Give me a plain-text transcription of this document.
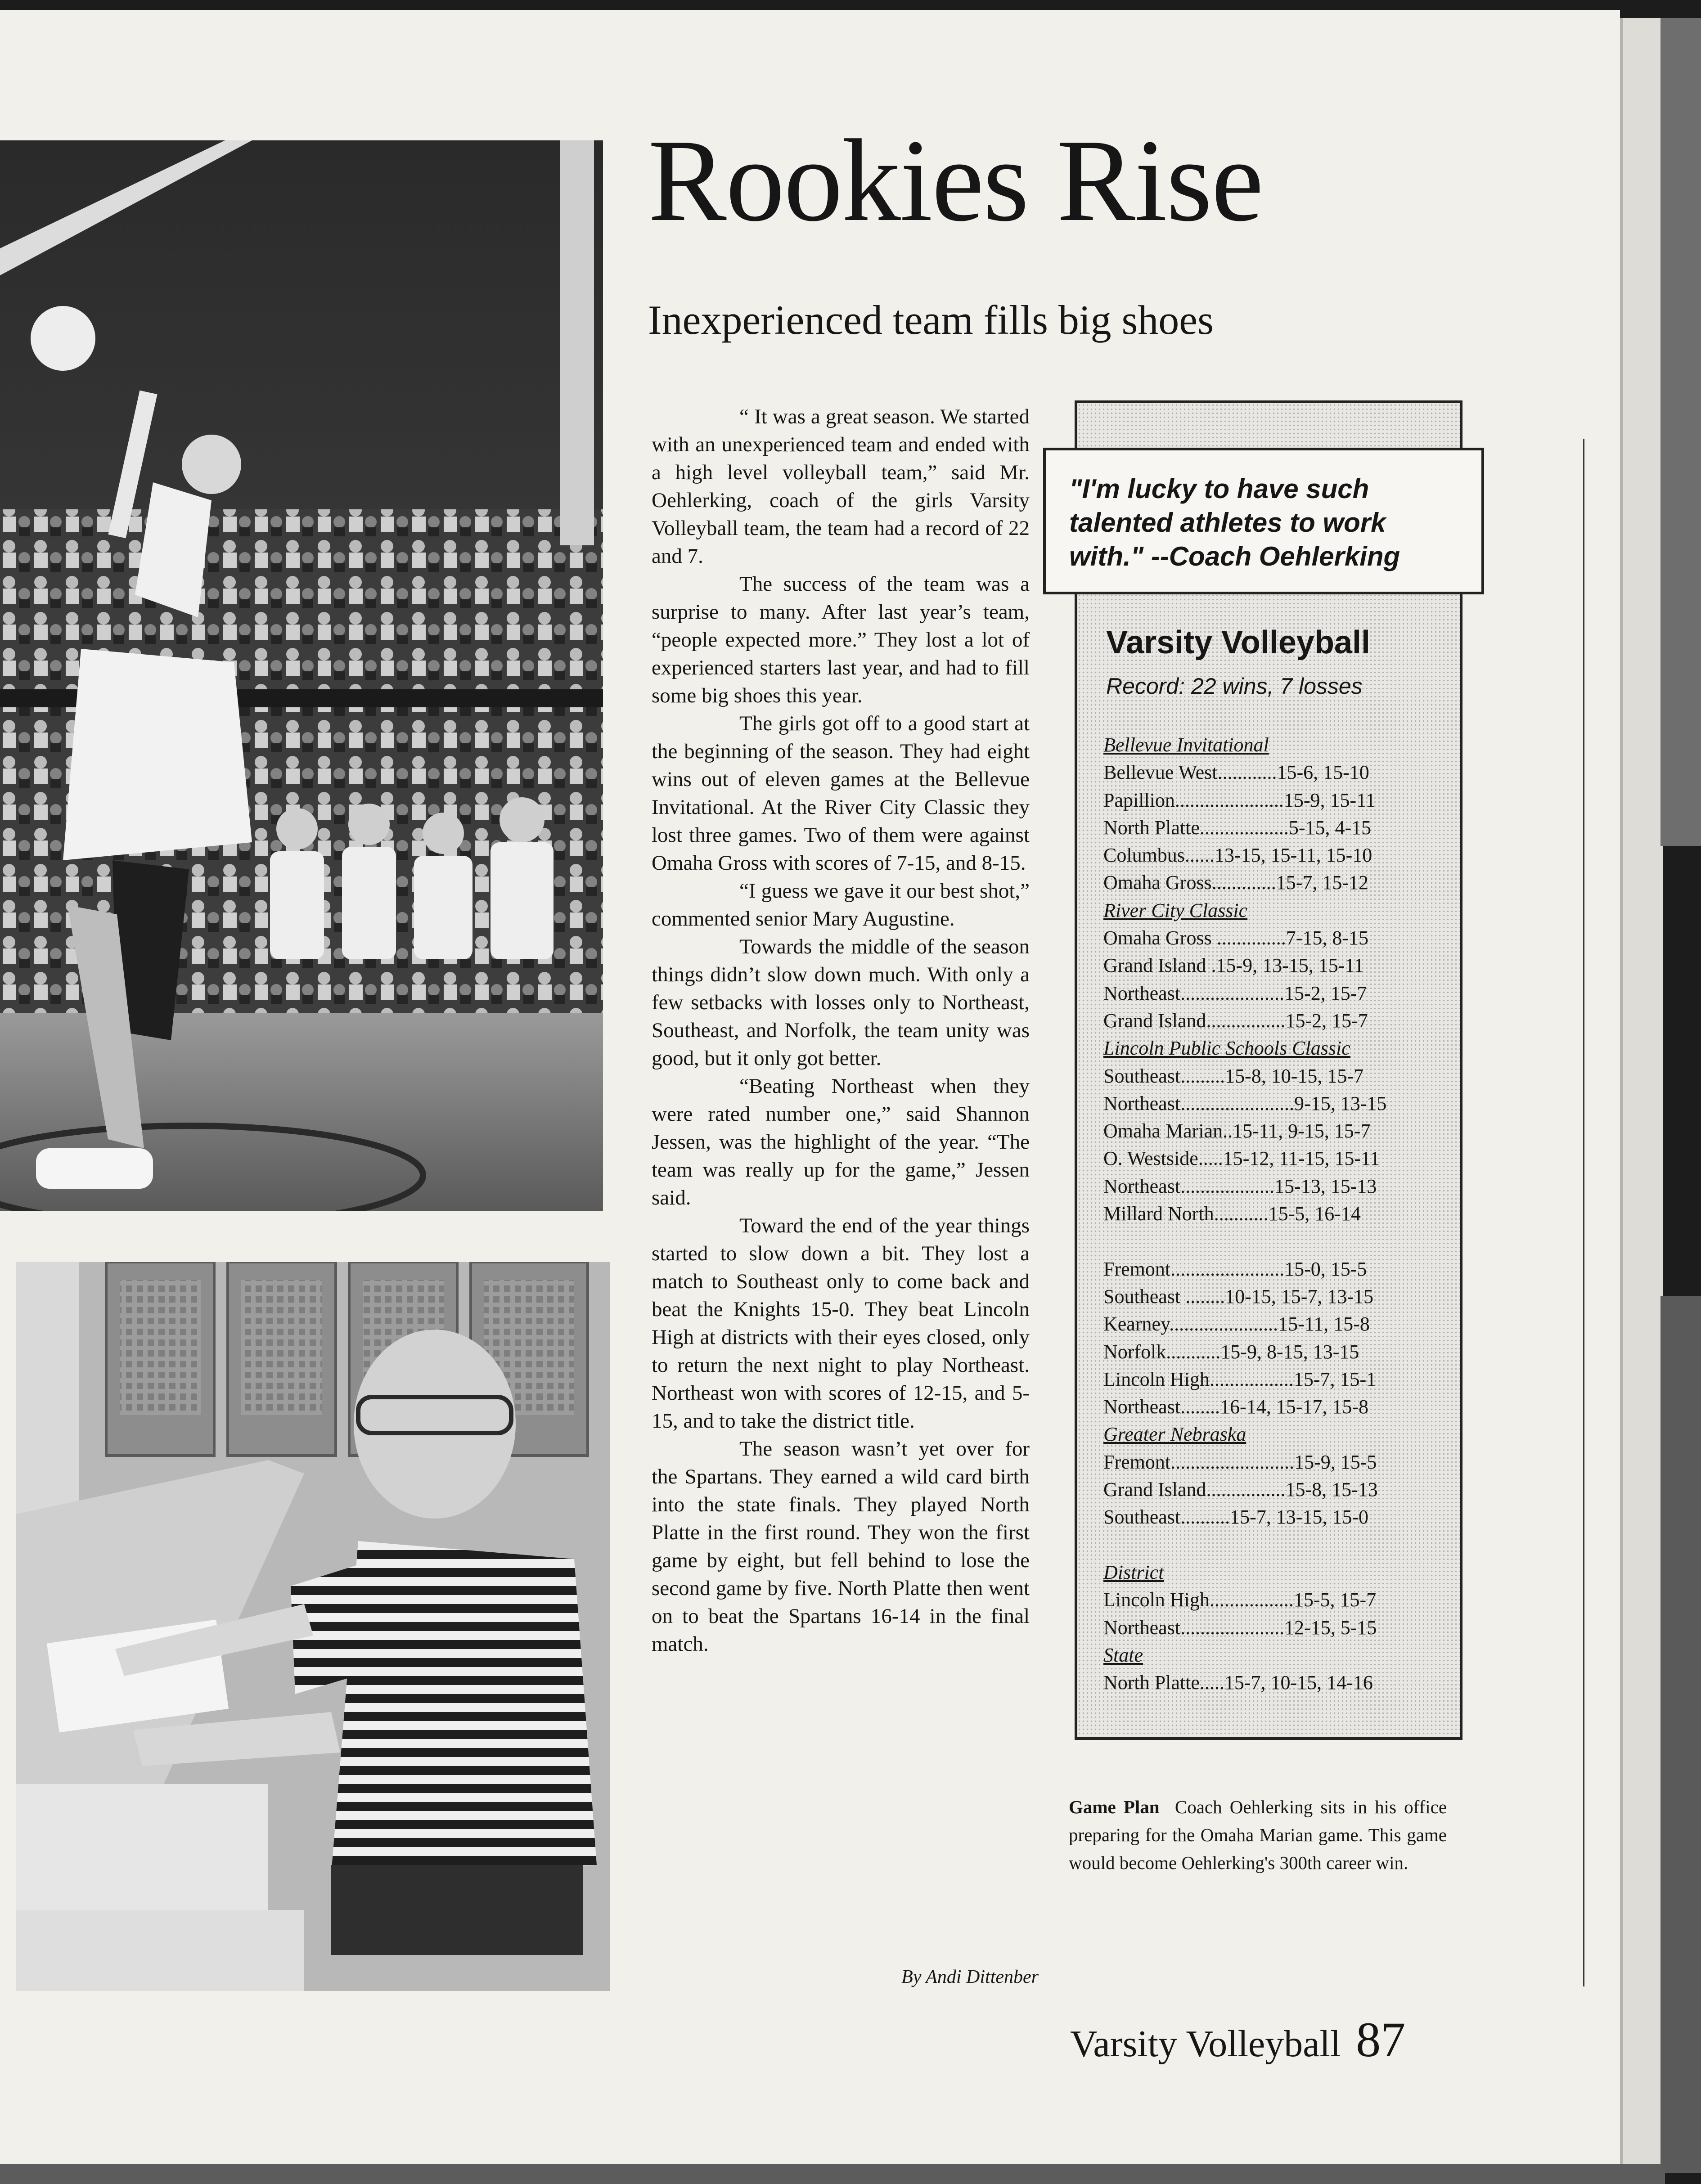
Rookies Rise
Inexperienced team fills big shoes

“ It was a great season. We started with an unexperienced team and ended with a high level volleyball team,” said Mr. Oehlerking, coach of the girls Varsity Volleyball team, the team had a record of 22 and 7.

The success of the team was a surprise to many. After last year’s team, “people expected more.” They lost a lot of experienced starters last year, and had to fill some big shoes this year.

The girls got off to a good start at the beginning of the season. They had eight wins out of eleven games at the Bellevue Invitational. At the River City Classic they lost three games. Two of them were against Omaha Gross with scores of 7-15, and 8-15.

“I guess we gave it our best shot,” commented senior Mary Augustine.

Towards the middle of the season things didn’t slow down much. With only a few setbacks with losses only to Northeast, Southeast, and Norfolk, the team unity was good, but it only got better.

“Beating Northeast when they were rated number one,” said Shannon Jessen, was the highlight of the year. “The team was really up for the game,” Jessen said.

Toward the end of the year things started to slow down a bit. They lost a match to Southeast only to come back and beat the Knights 15-0. They beat Lincoln High at districts with their eyes closed, only to return the next night to play Northeast. Northeast won with scores of 12-15, and 5-15, and to take the district title.

The season wasn’t yet over for the Spartans. They earned a wild card birth into the state finals. They played North Platte in the first round. They won the first game by eight, but fell behind to lose the second game by five. North Platte then went on to beat the Spartans 16-14 in the final match.

By Andi Dittenber
"I'm lucky to have such talented athletes to work with." --Coach Oehlerking
Varsity Volleyball
Record: 22 wins, 7 losses
Bellevue Invitational
Bellevue West............15-6, 15-10
Papillion......................15-9, 15-11
North Platte..................5-15, 4-15
Columbus......13-15, 15-11, 15-10
Omaha Gross.............15-7, 15-12
River City Classic
Omaha Gross ..............7-15, 8-15
Grand Island .15-9, 13-15, 15-11
Northeast.....................15-2, 15-7
Grand Island................15-2, 15-7
Lincoln Public Schools Classic
Southeast.........15-8, 10-15, 15-7
Northeast.......................9-15, 13-15
Omaha Marian..15-11, 9-15, 15-7
O. Westside.....15-12, 11-15, 15-11
Northeast...................15-13, 15-13
Millard North...........15-5, 16-14
Fremont.......................15-0, 15-5
Southeast ........10-15, 15-7, 13-15
Kearney......................15-11, 15-8
Norfolk...........15-9, 8-15, 13-15
Lincoln High.................15-7, 15-1
Northeast........16-14, 15-17, 15-8
Greater Nebraska
Fremont.........................15-9, 15-5
Grand Island................15-8, 15-13
Southeast..........15-7, 13-15, 15-0
District
Lincoln High.................15-5, 15-7
Northeast.....................12-15, 5-15
State
North Platte.....15-7, 10-15, 14-16
Game Plan Coach Oehlerking sits in his office preparing for the Omaha Marian game. This game would become Oehlerking's 300th career win.
Varsity Volleyball 87
